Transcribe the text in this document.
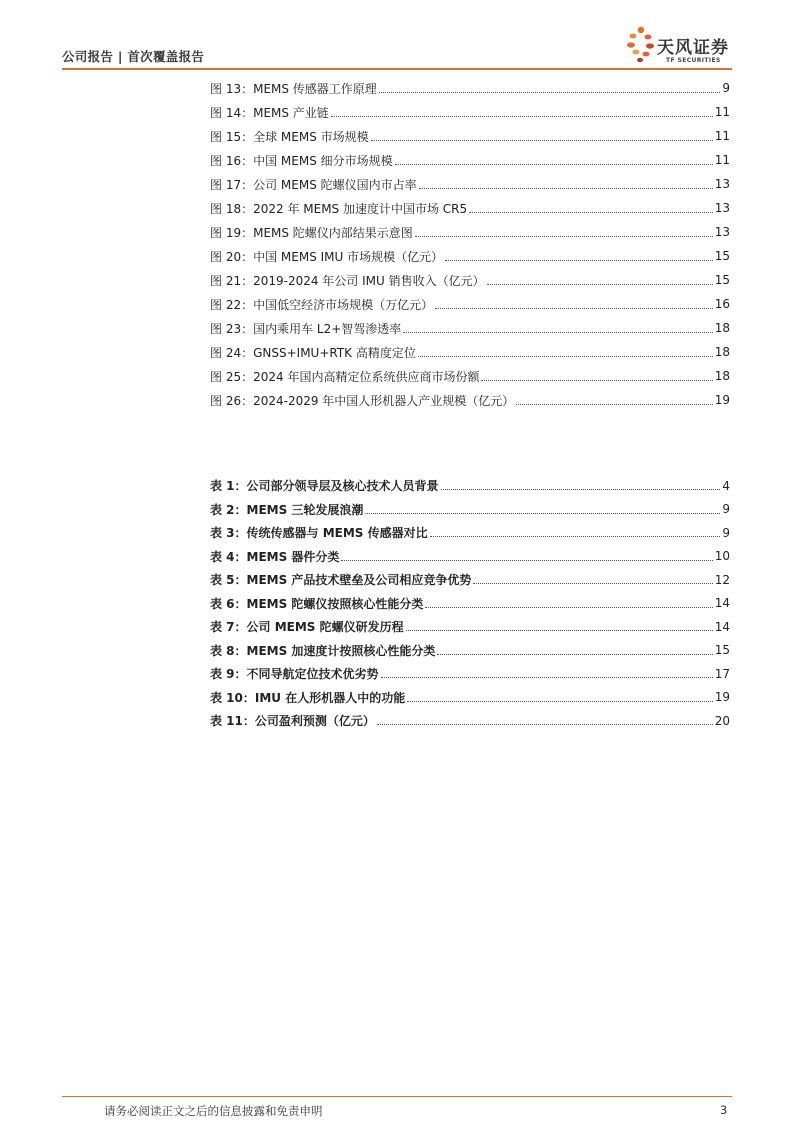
公司报告 | 首次覆盖报告	天风证券
TF SECURITIES
图 13：MEMS 传感器工作原理	9
图 14：MEMS 产业链	11
图 15：全球 MEMS 市场规模	11
图 16：中国 MEMS 细分市场规模	11
图 17：公司 MEMS 陀螺仪国内市占率	13
图 18：2022 年 MEMS 加速度计中国市场 CR5	13
图 19：MEMS 陀螺仪内部结果示意图	13
图 20：中国 MEMS IMU 市场规模（亿元）	15
图 21：2019-2024 年公司 IMU 销售收入（亿元）	15
图 22：中国低空经济市场规模（万亿元）	16
图 23：国内乘用车 L2+智驾渗透率	18
图 24：GNSS+IMU+RTK 高精度定位	18
图 25：2024 年国内高精定位系统供应商市场份额	18
图 26：2024-2029 年中国人形机器人产业规模（亿元）	19
表 1：公司部分领导层及核心技术人员背景	4
表 2：MEMS 三轮发展浪潮	9
表 3：传统传感器与 MEMS 传感器对比	9
表 4：MEMS 器件分类	10
表 5：MEMS 产品技术壁垒及公司相应竞争优势	12
表 6：MEMS 陀螺仪按照核心性能分类	14
表 7：公司 MEMS 陀螺仪研发历程	14
表 8：MEMS 加速度计按照核心性能分类	15
表 9：不同导航定位技术优劣势	17
表 10：IMU 在人形机器人中的功能	19
表 11：公司盈利预测（亿元）	20
请务必阅读正文之后的信息披露和免责申明	3
